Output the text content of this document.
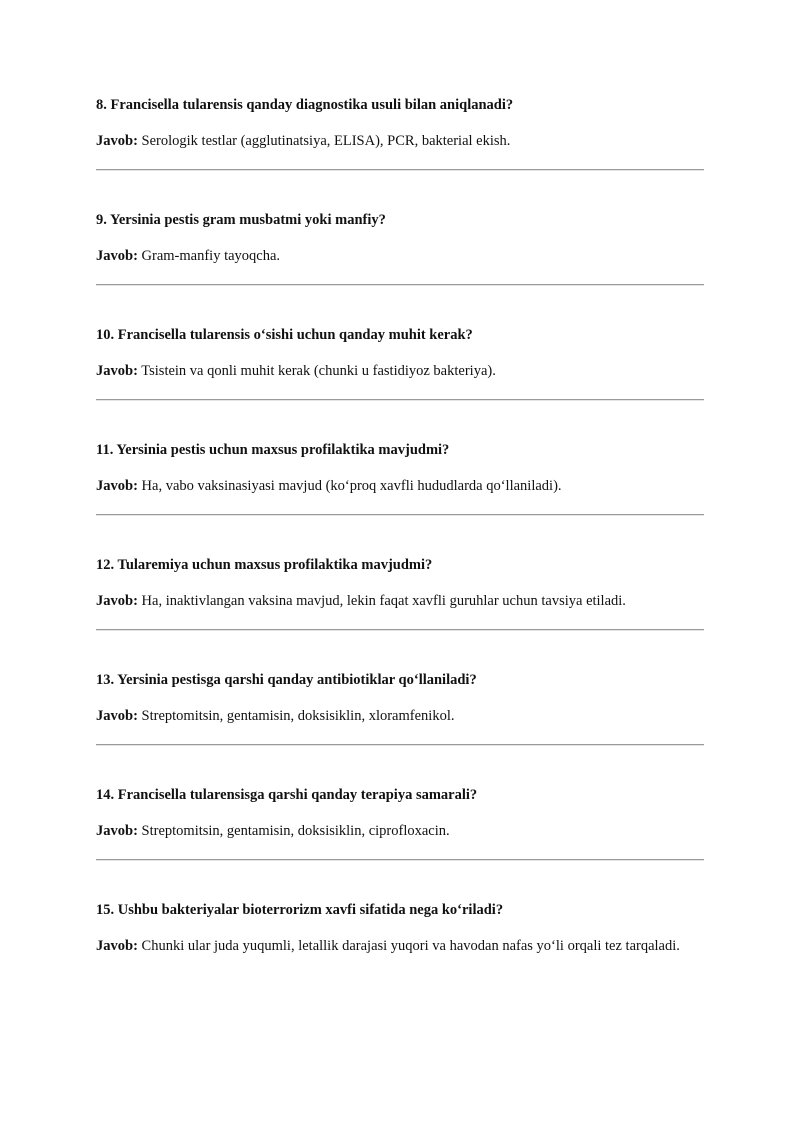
8. Francisella tularensis qanday diagnostika usuli bilan aniqlanadi?

Javob: Serologik testlar (agglutinatsiya, ELISA), PCR, bakterial ekish.

9. Yersinia pestis gram musbatmi yoki manfiy?

Javob: Gram-manfiy tayoqcha.

10. Francisella tularensis o‘sishi uchun qanday muhit kerak?

Javob: Tsistein va qonli muhit kerak (chunki u fastidiyoz bakteriya).

11. Yersinia pestis uchun maxsus profilaktika mavjudmi?

Javob: Ha, vabo vaksinasiyasi mavjud (ko‘proq xavfli hududlarda qo‘llaniladi).

12. Tularemiya uchun maxsus profilaktika mavjudmi?

Javob: Ha, inaktivlangan vaksina mavjud, lekin faqat xavfli guruhlar uchun tavsiya etiladi.

13. Yersinia pestisga qarshi qanday antibiotiklar qo‘llaniladi?

Javob: Streptomitsin, gentamisin, doksisiklin, xloramfenikol.

14. Francisella tularensisga qarshi qanday terapiya samarali?

Javob: Streptomitsin, gentamisin, doksisiklin, ciprofloxacin.

15. Ushbu bakteriyalar bioterrorizm xavfi sifatida nega ko‘riladi?

Javob: Chunki ular juda yuqumli, letallik darajasi yuqori va havodan nafas yo‘li orqali tez tarqaladi.
